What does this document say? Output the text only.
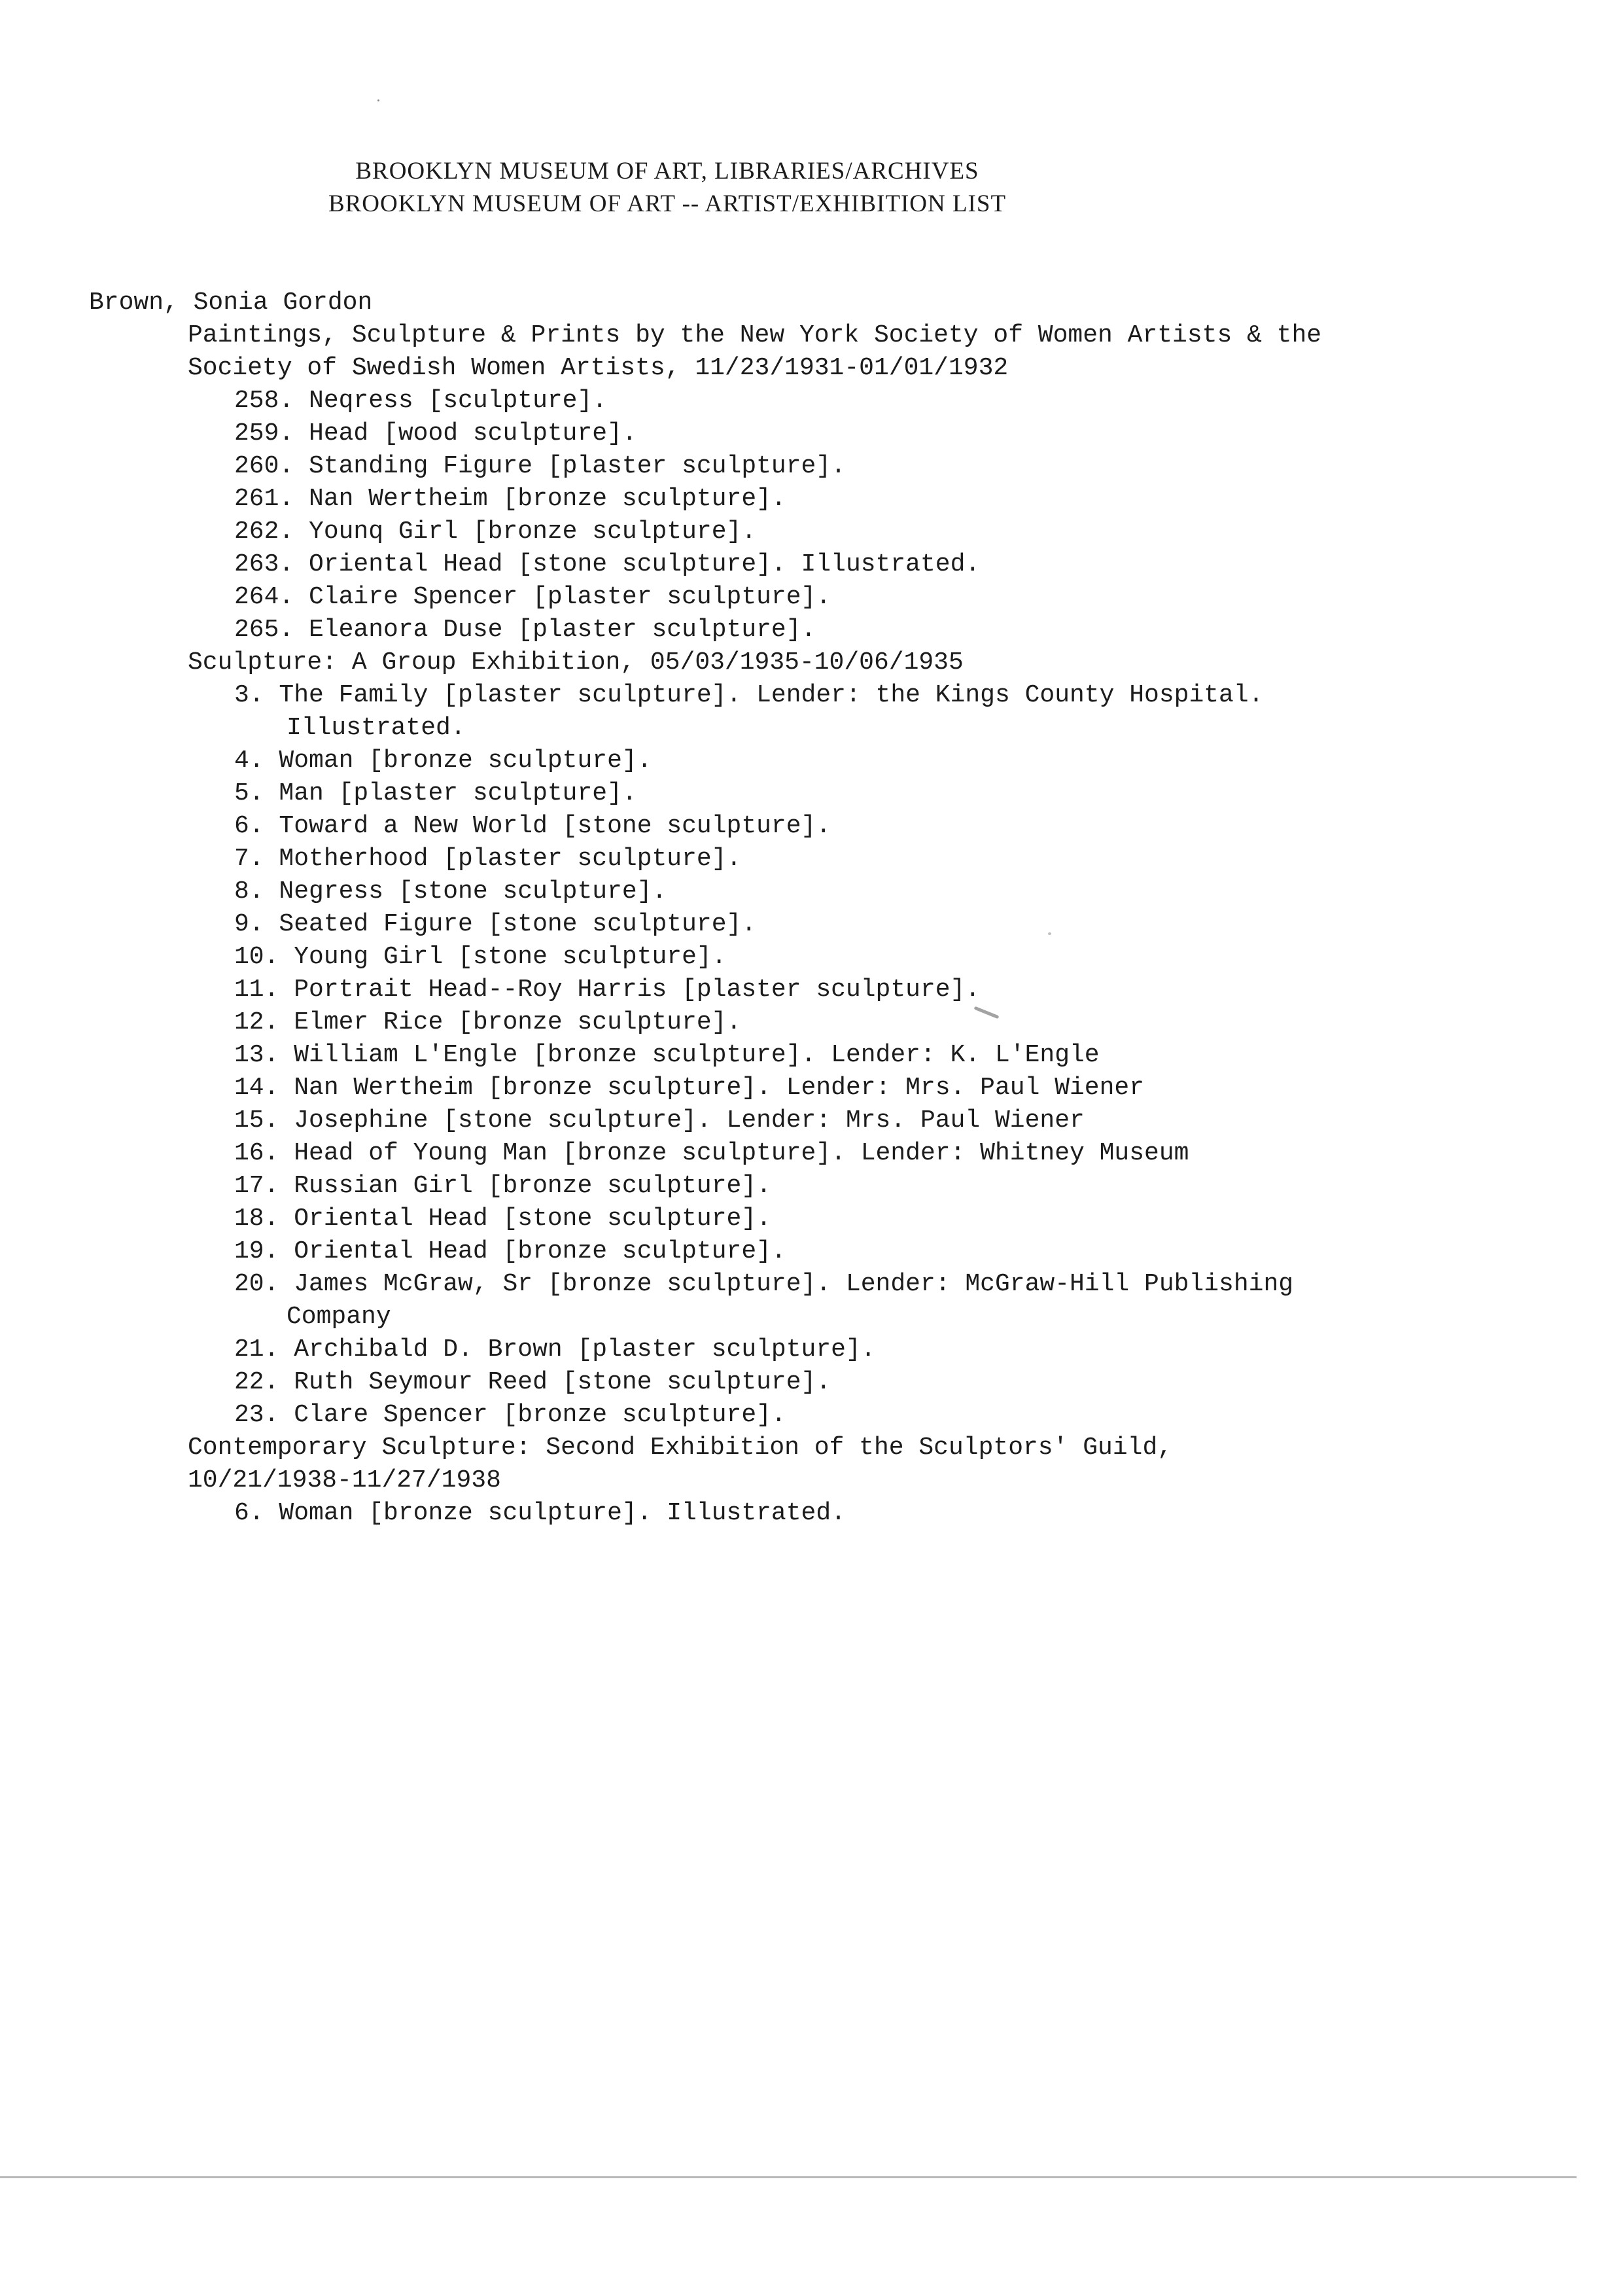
BROOKLYN MUSEUM OF ART, LIBRARIES/ARCHIVES
BROOKLYN MUSEUM OF ART -- ARTIST/EXHIBITION LIST
Brown, Sonia Gordon
Paintings, Sculpture & Prints by the New York Society of Women Artists & the
Society of Swedish Women Artists, 11/23/1931-01/01/1932
258. Neqress [sculpture].
259. Head [wood sculpture].
260. Standing Figure [plaster sculpture].
261. Nan Wertheim [bronze sculpture].
262. Younq Girl [bronze sculpture].
263. Oriental Head [stone sculpture]. Illustrated.
264. Claire Spencer [plaster sculpture].
265. Eleanora Duse [plaster sculpture].
Sculpture: A Group Exhibition, 05/03/1935-10/06/1935
3. The Family [plaster sculpture]. Lender: the Kings County Hospital.
Illustrated.
4. Woman [bronze sculpture].
5. Man [plaster sculpture].
6. Toward a New World [stone sculpture].
7. Motherhood [plaster sculpture].
8. Negress [stone sculpture].
9. Seated Figure [stone sculpture].
10. Young Girl [stone sculpture].
11. Portrait Head--Roy Harris [plaster sculpture].
12. Elmer Rice [bronze sculpture].
13. William L'Engle [bronze sculpture]. Lender: K. L'Engle
14. Nan Wertheim [bronze sculpture]. Lender: Mrs. Paul Wiener
15. Josephine [stone sculpture]. Lender: Mrs. Paul Wiener
16. Head of Young Man [bronze sculpture]. Lender: Whitney Museum
17. Russian Girl [bronze sculpture].
18. Oriental Head [stone sculpture].
19. Oriental Head [bronze sculpture].
20. James McGraw, Sr [bronze sculpture]. Lender: McGraw-Hill Publishing
Company
21. Archibald D. Brown [plaster sculpture].
22. Ruth Seymour Reed [stone sculpture].
23. Clare Spencer [bronze sculpture].
Contemporary Sculpture: Second Exhibition of the Sculptors' Guild,
10/21/1938-11/27/1938
6. Woman [bronze sculpture]. Illustrated.
